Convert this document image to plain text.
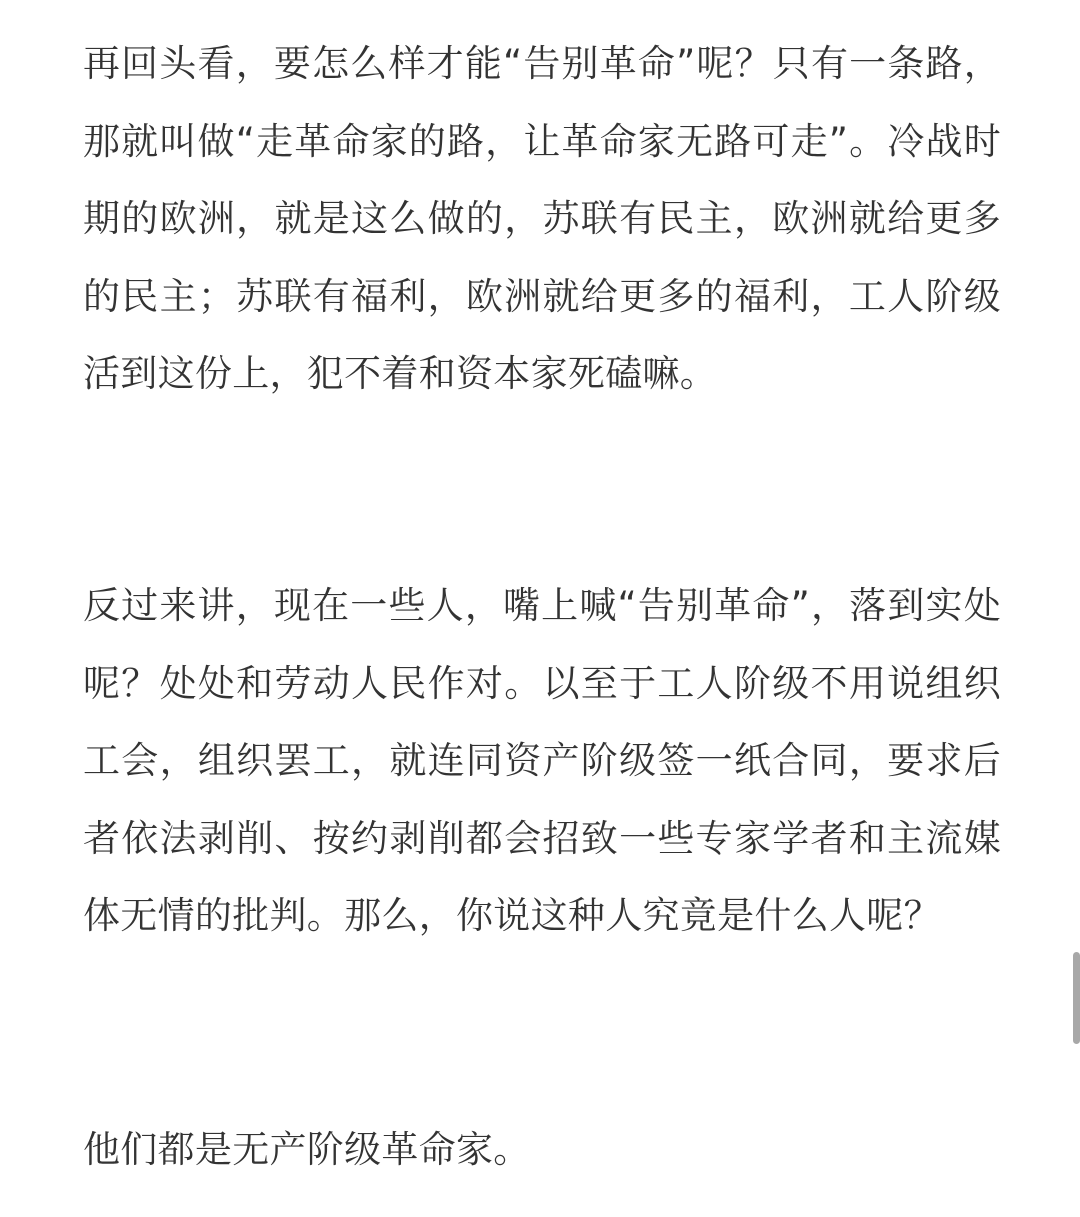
再回头看，要怎么样才能“告别革命”呢？只有一条路，那就叫做“走革命家的路，让革命家无路可走”。冷战时期的欧洲，就是这么做的，苏联有民主，欧洲就给更多的民主；苏联有福利，欧洲就给更多的福利，工人阶级活到这份上，犯不着和资本家死磕嘛。

反过来讲，现在一些人，嘴上喊“告别革命”，落到实处呢？处处和劳动人民作对。以至于工人阶级不用说组织工会，组织罢工，就连同资产阶级签一纸合同，要求后者依法剥削、按约剥削都会招致一些专家学者和主流媒体无情的批判。那么，你说这种人究竟是什么人呢？

他们都是无产阶级革命家。
